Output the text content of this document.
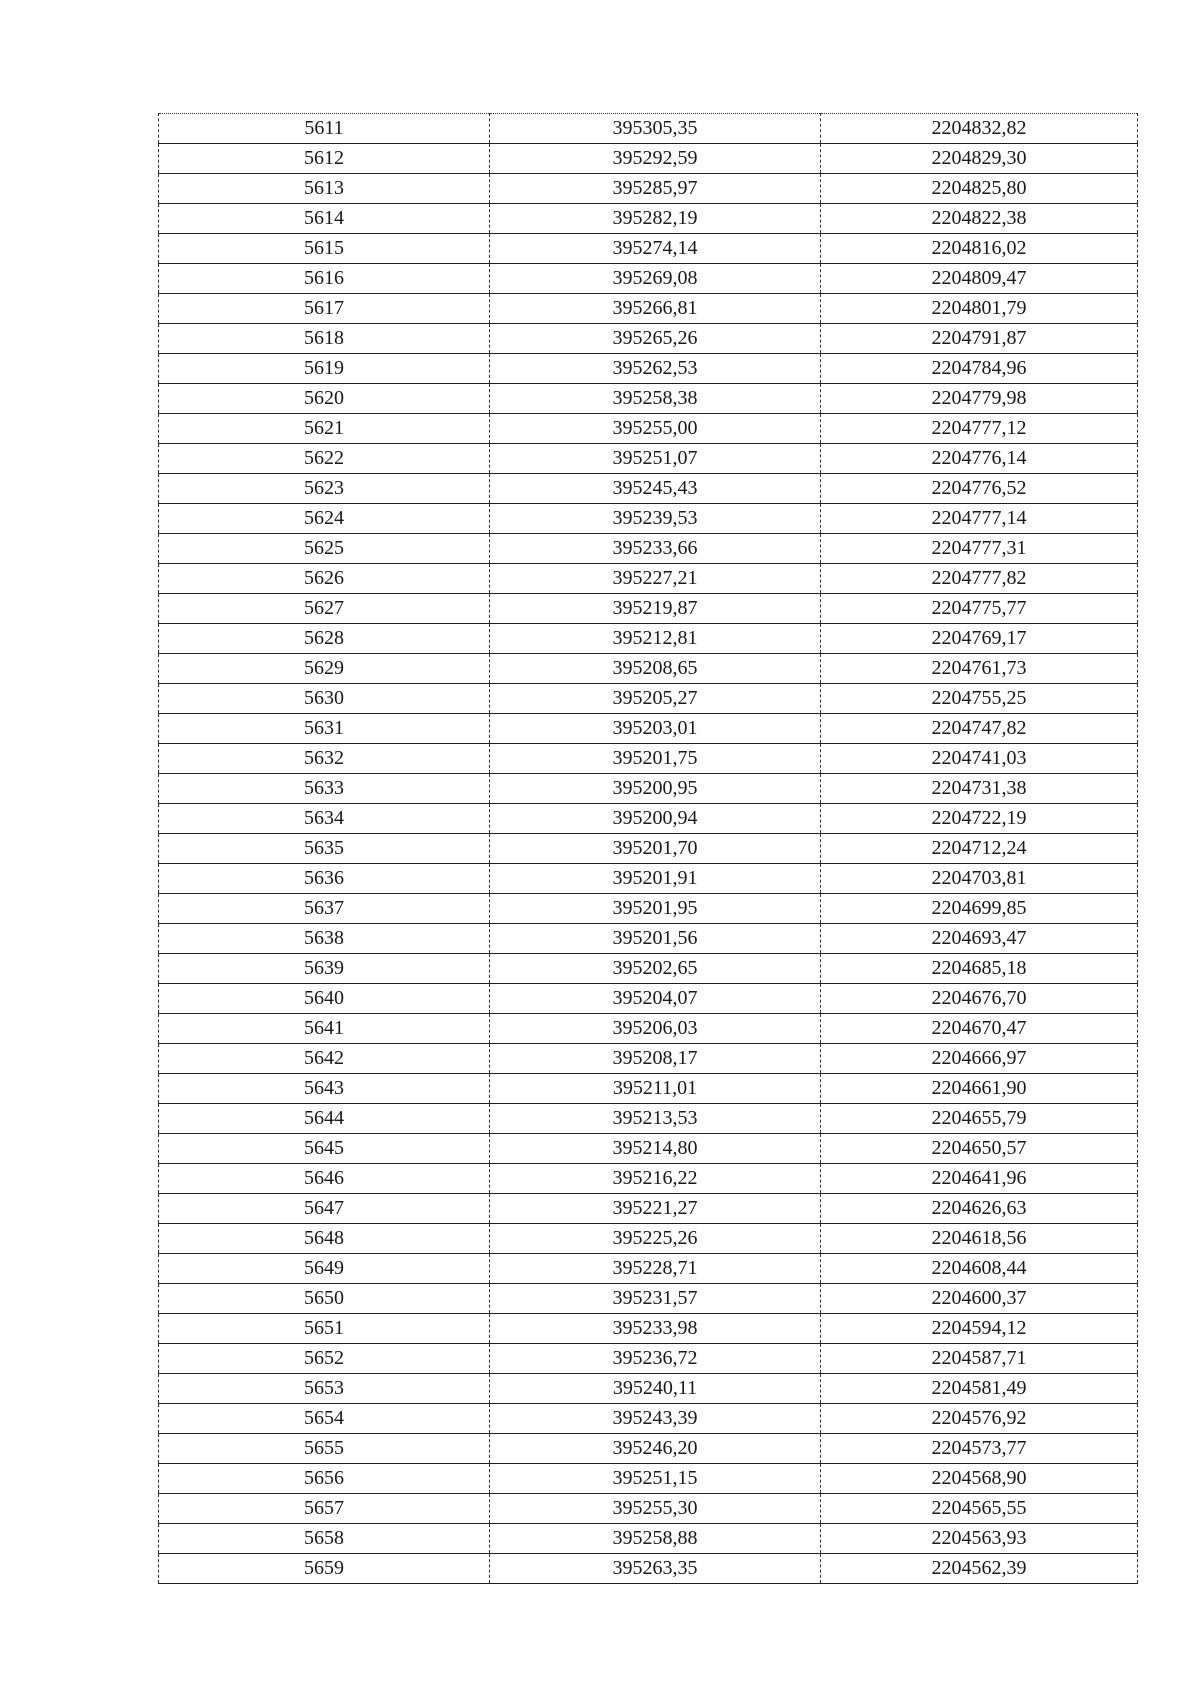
5611	395305,35	2204832,82
5612	395292,59	2204829,30
5613	395285,97	2204825,80
5614	395282,19	2204822,38
5615	395274,14	2204816,02
5616	395269,08	2204809,47
5617	395266,81	2204801,79
5618	395265,26	2204791,87
5619	395262,53	2204784,96
5620	395258,38	2204779,98
5621	395255,00	2204777,12
5622	395251,07	2204776,14
5623	395245,43	2204776,52
5624	395239,53	2204777,14
5625	395233,66	2204777,31
5626	395227,21	2204777,82
5627	395219,87	2204775,77
5628	395212,81	2204769,17
5629	395208,65	2204761,73
5630	395205,27	2204755,25
5631	395203,01	2204747,82
5632	395201,75	2204741,03
5633	395200,95	2204731,38
5634	395200,94	2204722,19
5635	395201,70	2204712,24
5636	395201,91	2204703,81
5637	395201,95	2204699,85
5638	395201,56	2204693,47
5639	395202,65	2204685,18
5640	395204,07	2204676,70
5641	395206,03	2204670,47
5642	395208,17	2204666,97
5643	395211,01	2204661,90
5644	395213,53	2204655,79
5645	395214,80	2204650,57
5646	395216,22	2204641,96
5647	395221,27	2204626,63
5648	395225,26	2204618,56
5649	395228,71	2204608,44
5650	395231,57	2204600,37
5651	395233,98	2204594,12
5652	395236,72	2204587,71
5653	395240,11	2204581,49
5654	395243,39	2204576,92
5655	395246,20	2204573,77
5656	395251,15	2204568,90
5657	395255,30	2204565,55
5658	395258,88	2204563,93
5659	395263,35	2204562,39
